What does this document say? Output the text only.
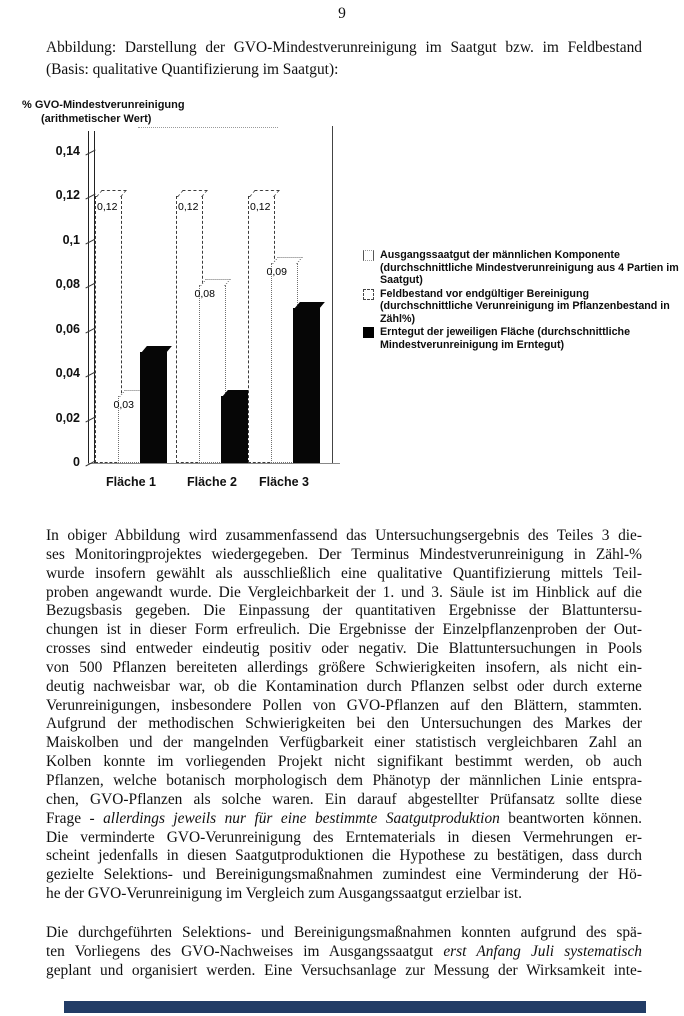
9
Abbildung: Darstellung der GVO-Mindestverunreinigung im Saatgut bzw. im Feldbestand
(Basis: qualitative Quantifizierung im Saatgut):
% GVO-Mindestverunreinigung
(arithmetischer Wert)
0,14
0,12
0,1
0,08
0,06
0,04
0,02
0
0,12
0,03
Fläche 1
0,12
0,08
Fläche 2
0,12
0,09
Fläche 3
Ausgangssaatgut der männlichen Komponente (durchschnittliche Mindestverunreinigung aus 4 Partien im Saatgut)
Feldbestand vor endgültiger Bereinigung (durchschnittliche Verunreinigung im Pflanzenbestand in Zähl%)
Erntegut der jeweiligen Fläche (durchschnittliche Mindestverunreinigung im Erntegut)
In obiger Abbildung wird zusammenfassend das Untersuchungsergebnis des Teiles 3 die-
ses Monitoringprojektes wiedergegeben. Der Terminus Mindestverunreinigung in Zähl-%
wurde insofern gewählt als ausschließlich eine qualitative Quantifizierung mittels Teil-
proben angewandt wurde. Die Vergleichbarkeit der 1. und 3. Säule ist im Hinblick auf die
Bezugsbasis gegeben. Die Einpassung der quantitativen Ergebnisse der Blattuntersu-
chungen ist in dieser Form erfreulich. Die Ergebnisse der Einzelpflanzenproben der Out-
crosses sind entweder eindeutig positiv oder negativ. Die Blattuntersuchungen in Pools
von 500 Pflanzen bereiteten allerdings größere Schwierigkeiten insofern, als nicht ein-
deutig nachweisbar war, ob die Kontamination durch Pflanzen selbst oder durch externe
Verunreinigungen, insbesondere Pollen von GVO-Pflanzen auf den Blättern, stammten.
Aufgrund der methodischen Schwierigkeiten bei den Untersuchungen des Markes der
Maiskolben und der mangelnden Verfügbarkeit einer statistisch vergleichbaren Zahl an
Kolben konnte im vorliegenden Projekt nicht signifikant bestimmt werden, ob auch
Pflanzen, welche botanisch morphologisch dem Phänotyp der männlichen Linie entspra-
chen, GVO-Pflanzen als solche waren. Ein darauf abgestellter Prüfansatz sollte diese
Frage - allerdings jeweils nur für eine bestimmte Saatgutproduktion beantworten können.
Die verminderte GVO-Verunreinigung des Erntematerials in diesen Vermehrungen er-
scheint jedenfalls in diesen Saatgutproduktionen die Hypothese zu bestätigen, dass durch
gezielte Selektions- und Bereinigungsmaßnahmen zumindest eine Verminderung der Hö-
he der GVO-Verunreinigung im Vergleich zum Ausgangssaatgut erzielbar ist.
Die durchgeführten Selektions- und Bereinigungsmaßnahmen konnten aufgrund des spä-
ten Vorliegens des GVO-Nachweises im Ausgangssaatgut erst Anfang Juli systematisch
geplant und organisiert werden. Eine Versuchsanlage zur Messung der Wirksamkeit inte-
